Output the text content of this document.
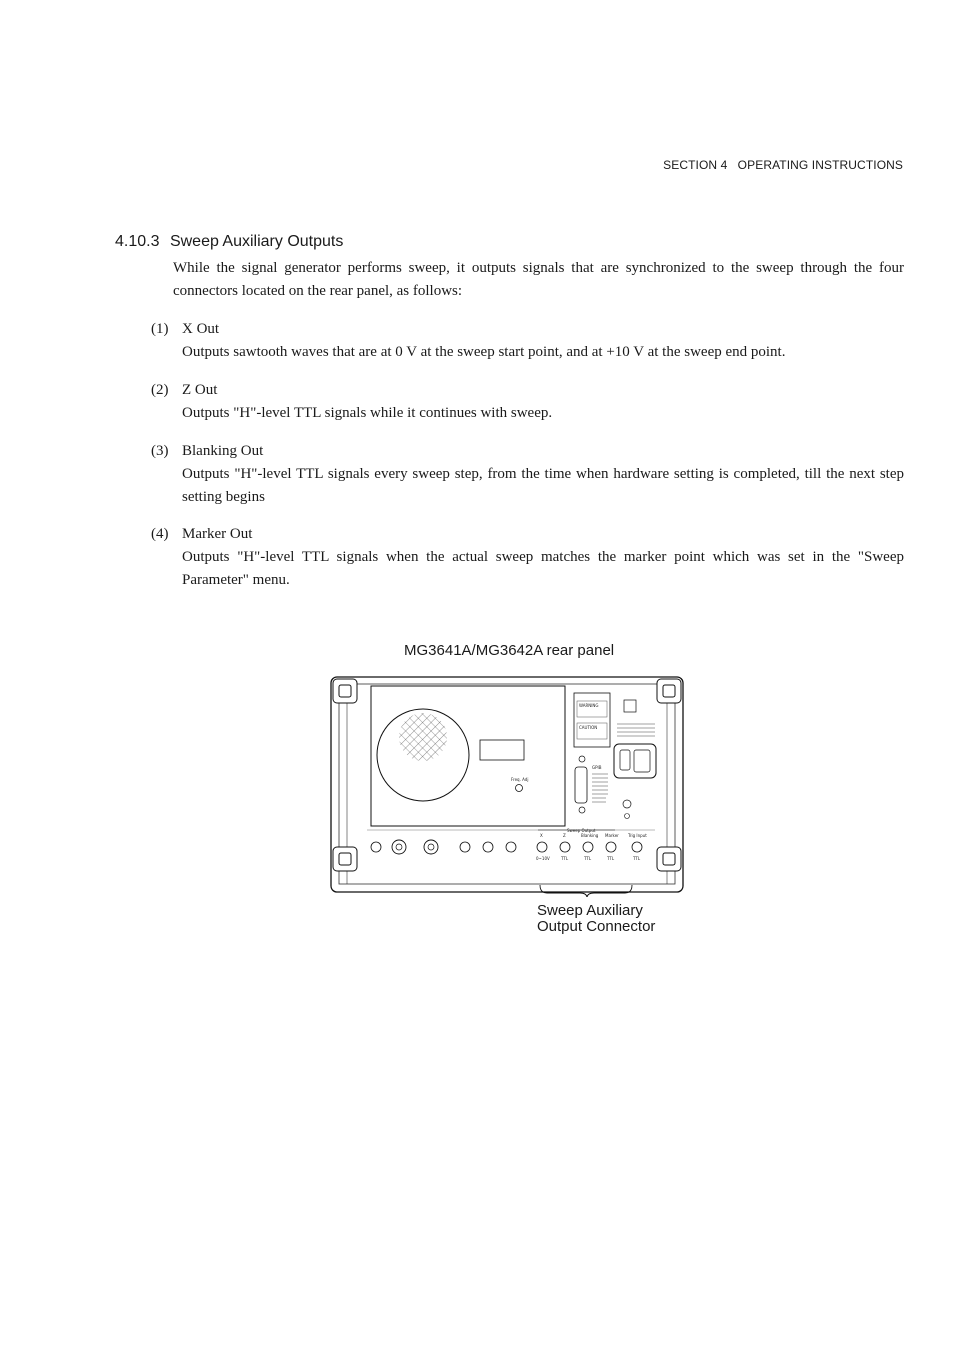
SECTION 4   OPERATING INSTRUCTIONS
4.10.3 Sweep Auxiliary Outputs
While the signal generator performs sweep, it outputs signals that are synchronized to the sweep through the four connectors located on the rear panel, as follows:
(1) X Out
Outputs sawtooth waves that are at 0 V at the sweep start point, and at +10 V at the sweep end point.
(2) Z Out
Outputs "H"-level TTL signals while it continues with sweep.
(3) Blanking Out
Outputs "H"-level TTL signals every sweep step, from the time when hardware setting is completed, till the next step setting begins
(4) Marker Out
Outputs "H"-level TTL signals when the actual sweep matches the marker point which was set in the "Sweep Parameter" menu.
MG3641A/MG3642A rear panel
Freq. Adj
WARNING
CAUTION
GPIB
Sweep Output
X	Z	Blanking Marker Trig Input
0~10V	TTL	TTL	TTL	TTL
Sweep Auxiliary
Output Connector
